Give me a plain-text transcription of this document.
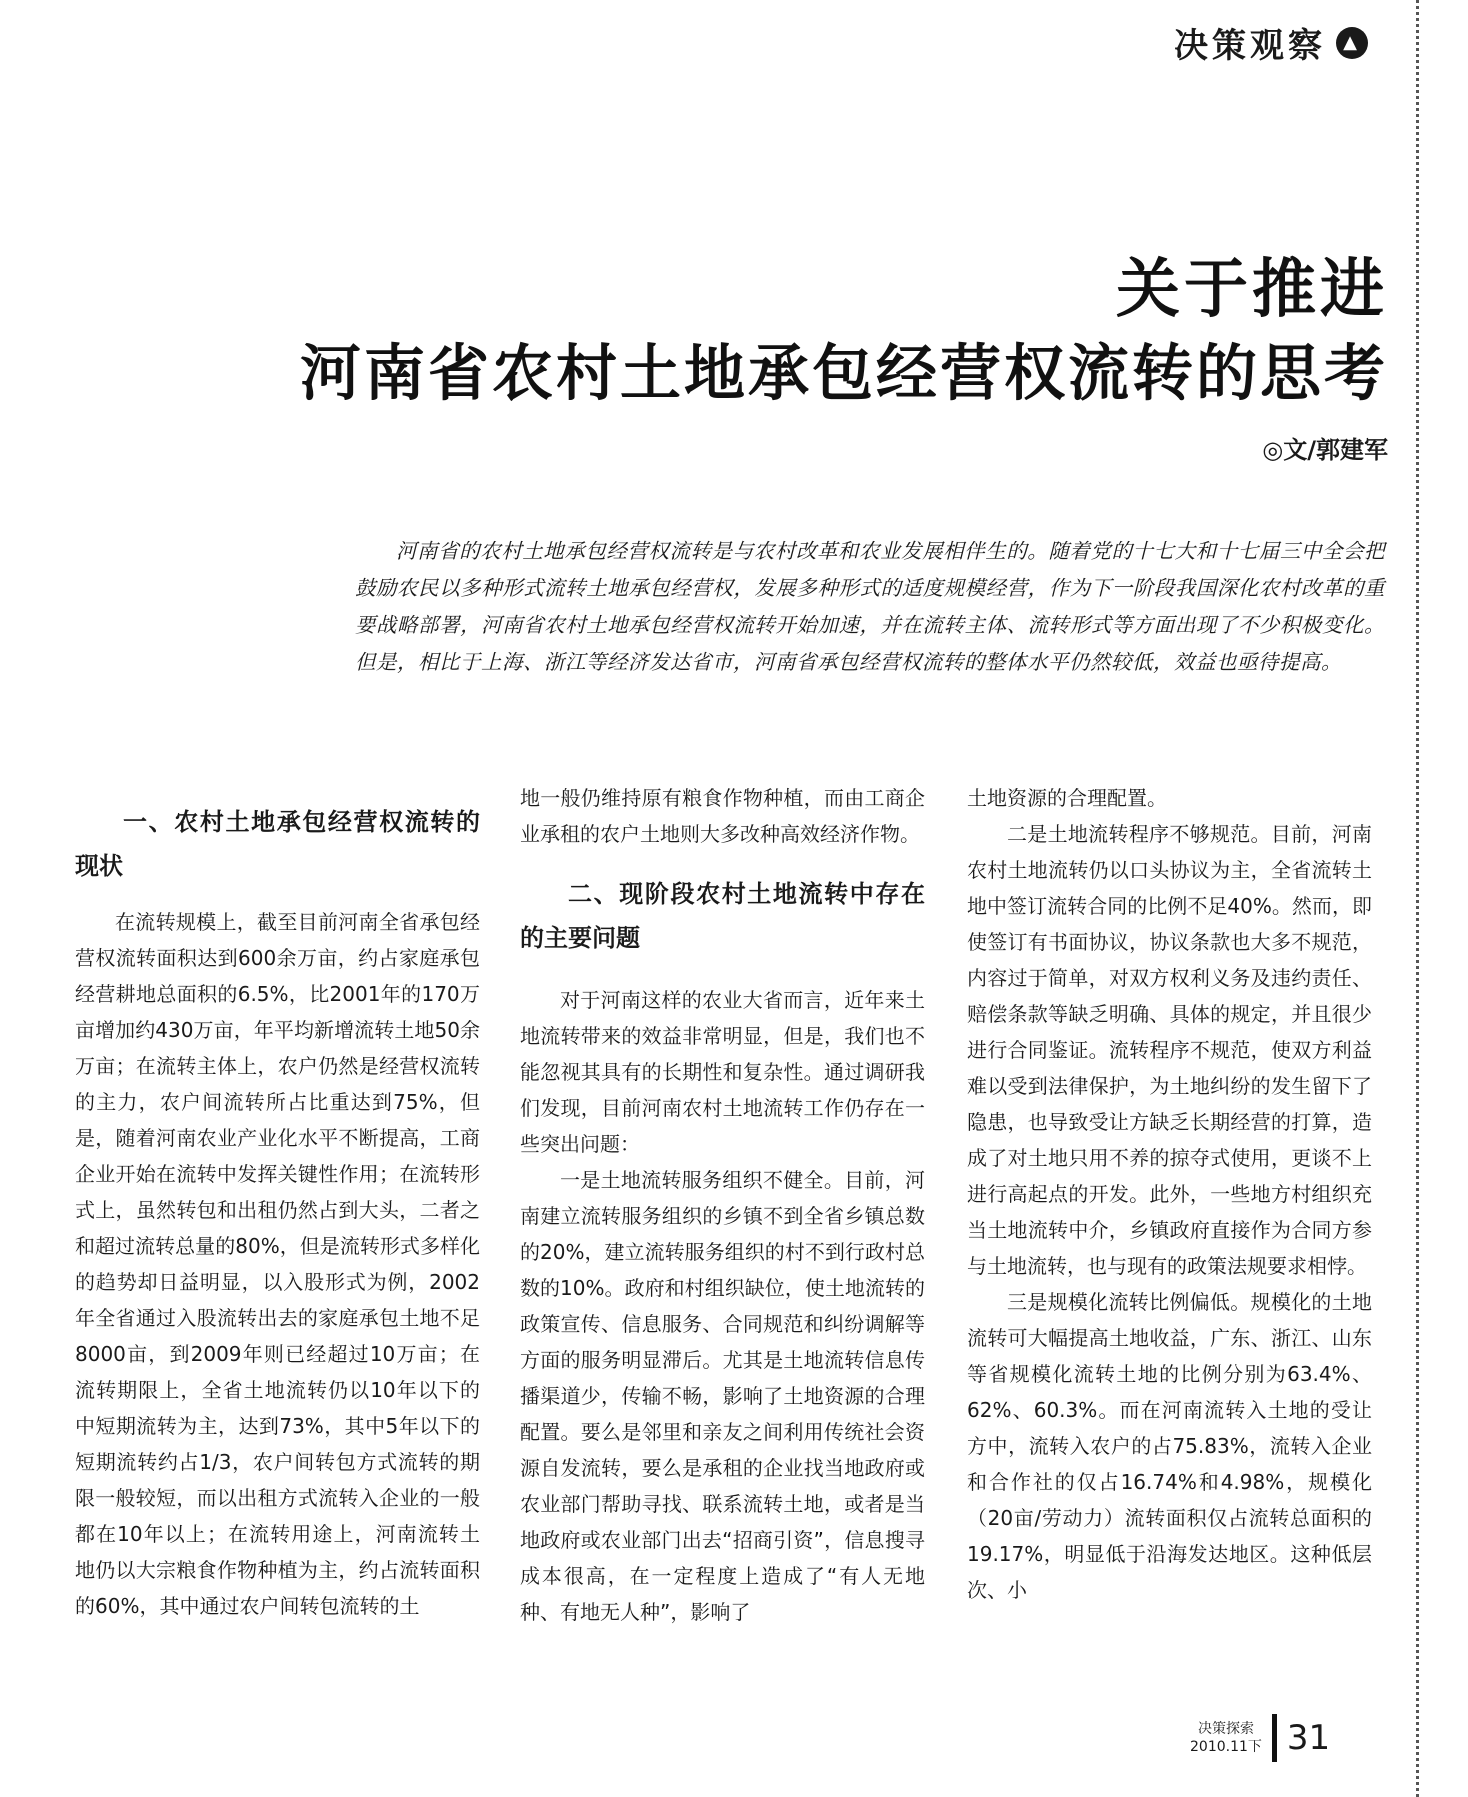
决策观察 ▲
关于推进
河南省农村土地承包经营权流转的思考
◎文/郭建军
河南省的农村土地承包经营权流转是与农村改革和农业发展相伴生的。随着党的十七大和十七届三中全会把鼓励农民以多种形式流转土地承包经营权，发展多种形式的适度规模经营，作为下一阶段我国深化农村改革的重要战略部署，河南省农村土地承包经营权流转开始加速，并在流转主体、流转形式等方面出现了不少积极变化。但是，相比于上海、浙江等经济发达省市，河南省承包经营权流转的整体水平仍然较低，效益也亟待提高。
一、农村土地承包经营权流转的现状

在流转规模上，截至目前河南全省承包经营权流转面积达到600余万亩，约占家庭承包经营耕地总面积的6.5%，比2001年的170万亩增加约430万亩，年平均新增流转土地50余万亩；在流转主体上，农户仍然是经营权流转的主力，农户间流转所占比重达到75%，但是，随着河南农业产业化水平不断提高，工商企业开始在流转中发挥关键性作用；在流转形式上，虽然转包和出租仍然占到大头，二者之和超过流转总量的80%，但是流转形式多样化的趋势却日益明显，以入股形式为例，2002年全省通过入股流转出去的家庭承包土地不足8000亩，到2009年则已经超过10万亩；在流转期限上，全省土地流转仍以10年以下的中短期流转为主，达到73%，其中5年以下的短期流转约占1/3，农户间转包方式流转的期限一般较短，而以出租方式流转入企业的一般都在10年以上；在流转用途上，河南流转土地仍以大宗粮食作物种植为主，约占流转面积的60%，其中通过农户间转包流转的土

地一般仍维持原有粮食作物种植，而由工商企业承租的农户土地则大多改种高效经济作物。

二、现阶段农村土地流转中存在的主要问题

对于河南这样的农业大省而言，近年来土地流转带来的效益非常明显，但是，我们也不能忽视其具有的长期性和复杂性。通过调研我们发现，目前河南农村土地流转工作仍存在一些突出问题：

一是土地流转服务组织不健全。目前，河南建立流转服务组织的乡镇不到全省乡镇总数的20%，建立流转服务组织的村不到行政村总数的10%。政府和村组织缺位，使土地流转的政策宣传、信息服务、合同规范和纠纷调解等方面的服务明显滞后。尤其是土地流转信息传播渠道少，传输不畅，影响了土地资源的合理配置。要么是邻里和亲友之间利用传统社会资源自发流转，要么是承租的企业找当地政府或农业部门帮助寻找、联系流转土地，或者是当地政府或农业部门出去“招商引资”，信息搜寻成本很高，在一定程度上造成了“有人无地种、有地无人种”，影响了

土地资源的合理配置。

二是土地流转程序不够规范。目前，河南农村土地流转仍以口头协议为主，全省流转土地中签订流转合同的比例不足40%。然而，即使签订有书面协议，协议条款也大多不规范，内容过于简单，对双方权利义务及违约责任、赔偿条款等缺乏明确、具体的规定，并且很少进行合同鉴证。流转程序不规范，使双方利益难以受到法律保护，为土地纠纷的发生留下了隐患，也导致受让方缺乏长期经营的打算，造成了对土地只用不养的掠夺式使用，更谈不上进行高起点的开发。此外，一些地方村组织充当土地流转中介，乡镇政府直接作为合同方参与土地流转，也与现有的政策法规要求相悖。

三是规模化流转比例偏低。规模化的土地流转可大幅提高土地收益，广东、浙江、山东等省规模化流转土地的比例分别为63.4%、62%、60.3%。而在河南流转入土地的受让方中，流转入农户的占75.83%，流转入企业和合作社的仅占16.74%和4.98%，规模化（20亩/劳动力）流转面积仅占流转总面积的19.17%，明显低于沿海发达地区。这种低层次、小

决策探索
2010.11下 31
